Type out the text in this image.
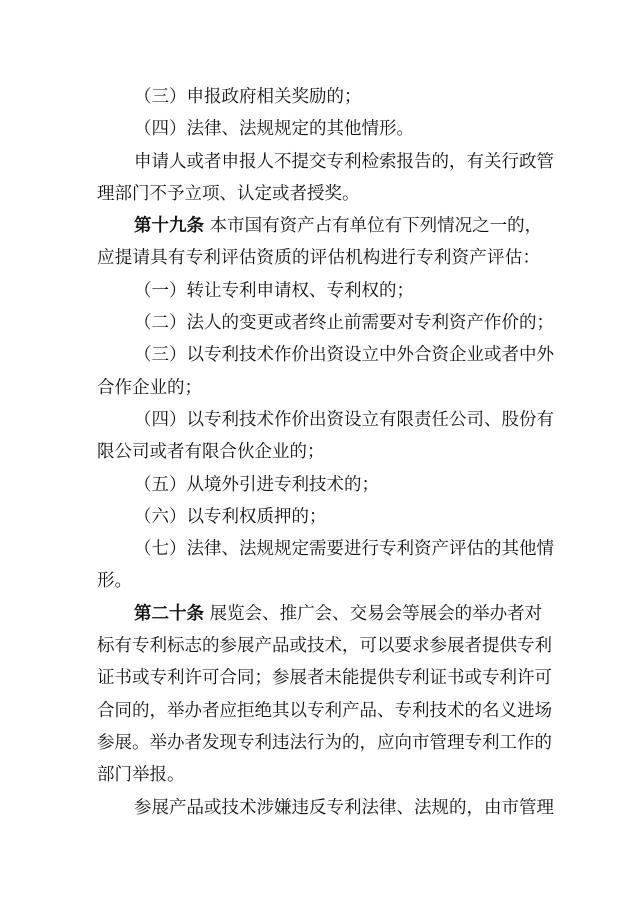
（三）申报政府相关奖励的；
（四）法律、法规规定的其他情形。
申请人或者申报人不提交专利检索报告的，有关行政管
理部门不予立项、认定或者授奖。
第十九条 本市国有资产占有单位有下列情况之一的，
应提请具有专利评估资质的评估机构进行专利资产评估：
（一）转让专利申请权、专利权的；
（二）法人的变更或者终止前需要对专利资产作价的；
（三）以专利技术作价出资设立中外合资企业或者中外
合作企业的；
（四）以专利技术作价出资设立有限责任公司、股份有
限公司或者有限合伙企业的；
（五）从境外引进专利技术的；
（六）以专利权质押的；
（七）法律、法规规定需要进行专利资产评估的其他情
形。
第二十条 展览会、推广会、交易会等展会的举办者对
标有专利标志的参展产品或技术，可以要求参展者提供专利
证书或专利许可合同；参展者未能提供专利证书或专利许可
合同的，举办者应拒绝其以专利产品、专利技术的名义进场
参展。举办者发现专利违法行为的，应向市管理专利工作的
部门举报。
参展产品或技术涉嫌违反专利法律、法规的，由市管理
